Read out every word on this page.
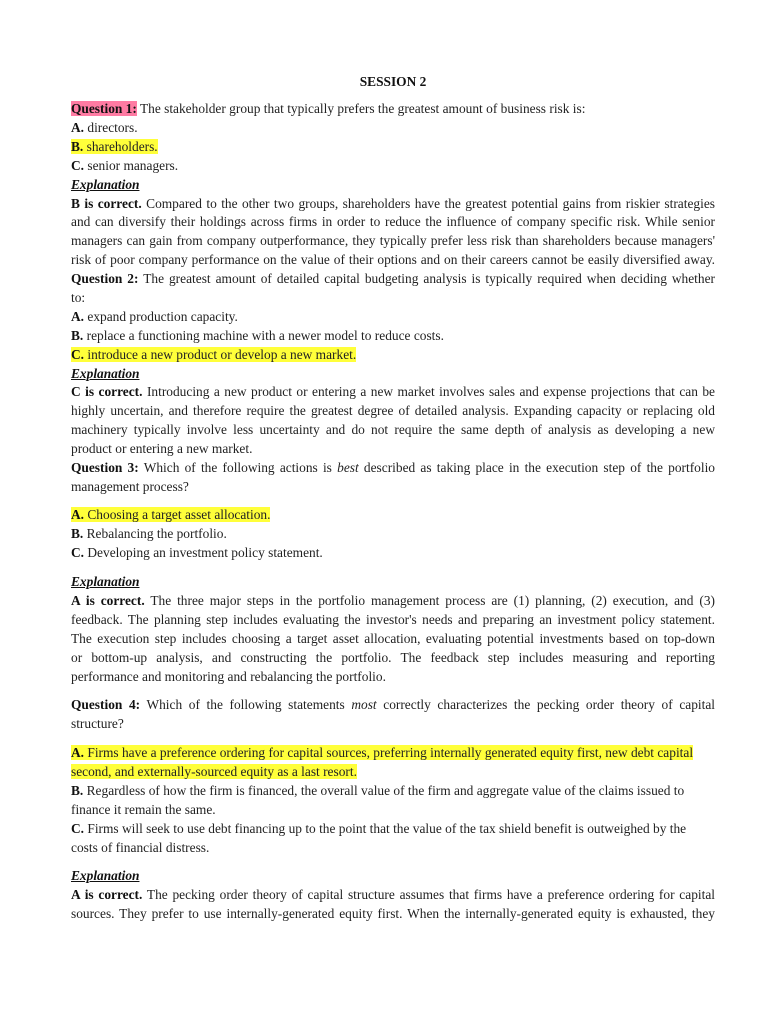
SESSION 2
Question 1: The stakeholder group that typically prefers the greatest amount of business risk is:
A. directors.
B. shareholders.
C. senior managers.
Explanation
B is correct. Compared to the other two groups, shareholders have the greatest potential gains from riskier strategies
and can diversify their holdings across firms in order to reduce the influence of company specific risk. While senior
managers can gain from company outperformance, they typically prefer less risk than shareholders because managers'
risk of poor company performance on the value of their options and on their careers cannot be easily diversified away.
Question 2: The greatest amount of detailed capital budgeting analysis is typically required when deciding whether
to:
A. expand production capacity.
B. replace a functioning machine with a newer model to reduce costs.
C. introduce a new product or develop a new market.
Explanation
C is correct. Introducing a new product or entering a new market involves sales and expense projections that can be
highly uncertain, and therefore require the greatest degree of detailed analysis. Expanding capacity or replacing old
machinery typically involve less uncertainty and do not require the same depth of analysis as developing a new
product or entering a new market.
Question 3: Which of the following actions is best described as taking place in the execution step of the portfolio
management process?
A. Choosing a target asset allocation.
B. Rebalancing the portfolio.
C. Developing an investment policy statement.
Explanation
A is correct. The three major steps in the portfolio management process are (1) planning, (2) execution, and (3)
feedback. The planning step includes evaluating the investor's needs and preparing an investment policy statement.
The execution step includes choosing a target asset allocation, evaluating potential investments based on top-down
or bottom-up analysis, and constructing the portfolio. The feedback step includes measuring and reporting
performance and monitoring and rebalancing the portfolio.
Question 4: Which of the following statements most correctly characterizes the pecking order theory of capital
structure?
A. Firms have a preference ordering for capital sources, preferring internally generated equity first, new debt capital
second, and externally-sourced equity as a last resort.
B. Regardless of how the firm is financed, the overall value of the firm and aggregate value of the claims issued to
finance it remain the same.
C. Firms will seek to use debt financing up to the point that the value of the tax shield benefit is outweighed by the
costs of financial distress.
Explanation
A is correct. The pecking order theory of capital structure assumes that firms have a preference ordering for capital
sources. They prefer to use internally-generated equity first. When the internally-generated equity is exhausted, they
